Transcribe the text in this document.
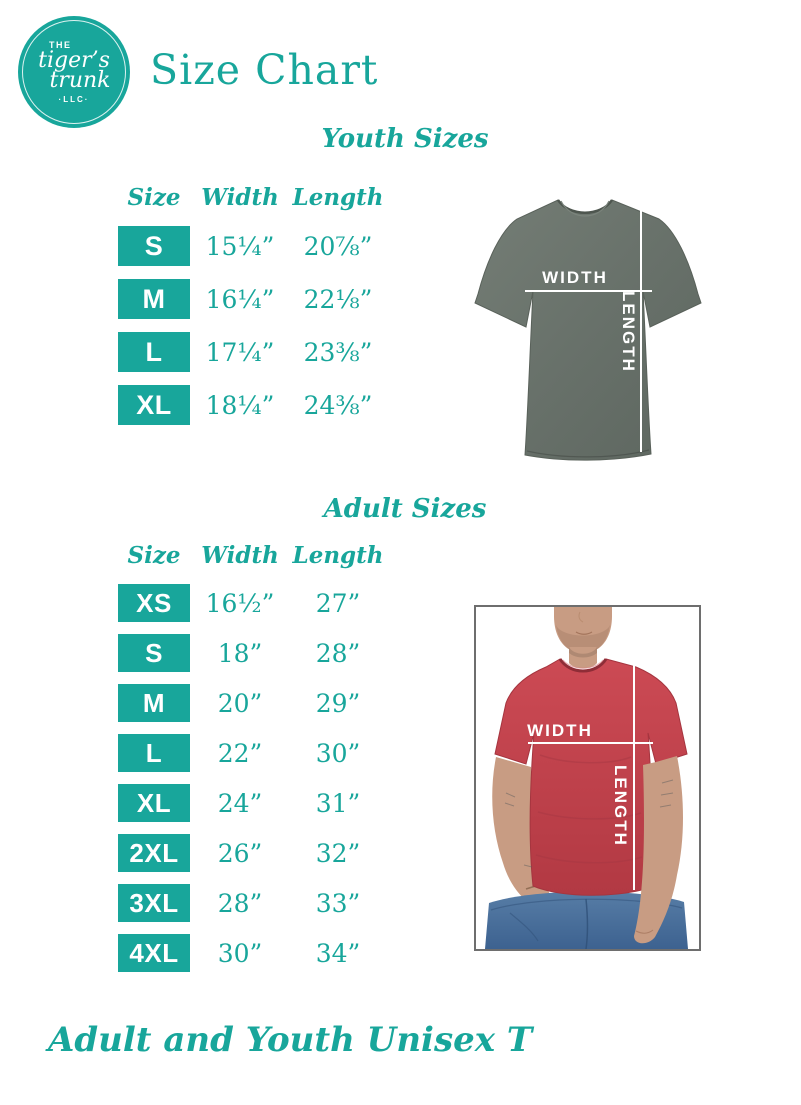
THE
tiger’s
trunk
·LLC·
Size Chart
Youth Sizes
Size Width Length
S	15¼”	20⅞”
M	16¼”	22⅛”
L	17¼”	23⅜”
XL	18¼”	24⅜”
WIDTH
LENGTH
Adult Sizes
Size Width Length
XS	16½”	27”
S	18”	28”
M	20”	29”
L	22”	30”
XL	24”	31”
2XL	26”	32”
3XL	28”	33”
4XL	30”	34”
WIDTH
LENGTH
Adult and Youth Unisex T
